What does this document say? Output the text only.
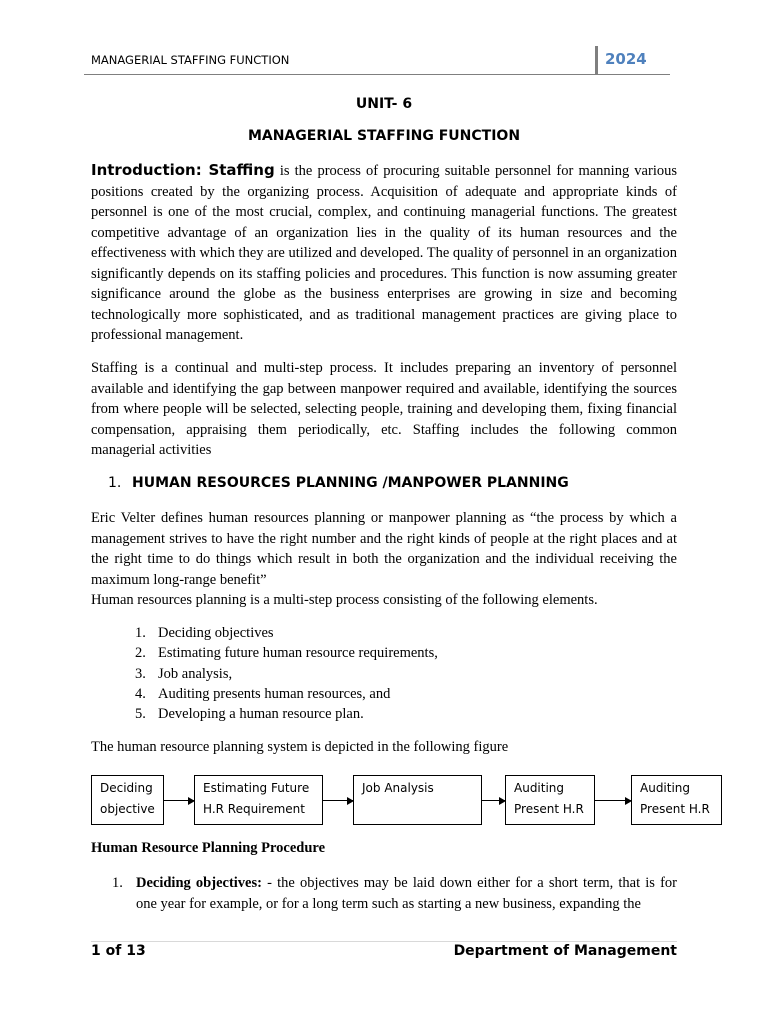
MANAGERIAL STAFFING FUNCTION	2024
UNIT- 6
MANAGERIAL STAFFING FUNCTION

Introduction: Staffing is the process of procuring suitable personnel for manning various positions created by the organizing process. Acquisition of adequate and appropriate kinds of personnel is one of the most crucial, complex, and continuing managerial functions. The greatest competitive advantage of an organization lies in the quality of its human resources and the effectiveness with which they are utilized and developed. The quality of personnel in an organization significantly depends on its staffing policies and procedures. This function is now assuming greater significance around the globe as the business enterprises are growing in size and becoming technologically more sophisticated, and as traditional management practices are giving place to professional management.

Staffing is a continual and multi-step process. It includes preparing an inventory of personnel available and identifying the gap between manpower required and available, identifying the sources from where people will be selected, selecting people, training and developing them, fixing financial compensation, appraising them periodically, etc. Staffing includes the following common managerial activities

1. HUMAN RESOURCES PLANNING /MANPOWER PLANNING

Eric Velter defines human resources planning or manpower planning as “the process by which a management strives to have the right number and the right kinds of people at the right places and at the right time to do things which result in both the organization and the individual receiving the maximum long-range benefit”

Human resources planning is a multi-step process consisting of the following elements.

1. Deciding objectives
2. Estimating future human resource requirements,
3. Job analysis,
4. Auditing presents human resources, and
5. Developing a human resource plan.
The human resource planning system is depicted in the following figure
Deciding
objective
Estimating Future
H.R Requirement
Job Analysis	Auditing
Present H.R
Auditing
Present H.R
Human Resource Planning Procedure
1. Deciding objectives: - the objectives may be laid down either for a short term, that is for one year for example, or for a long term such as starting a new business, expanding the
1 of 13	Department of Management
